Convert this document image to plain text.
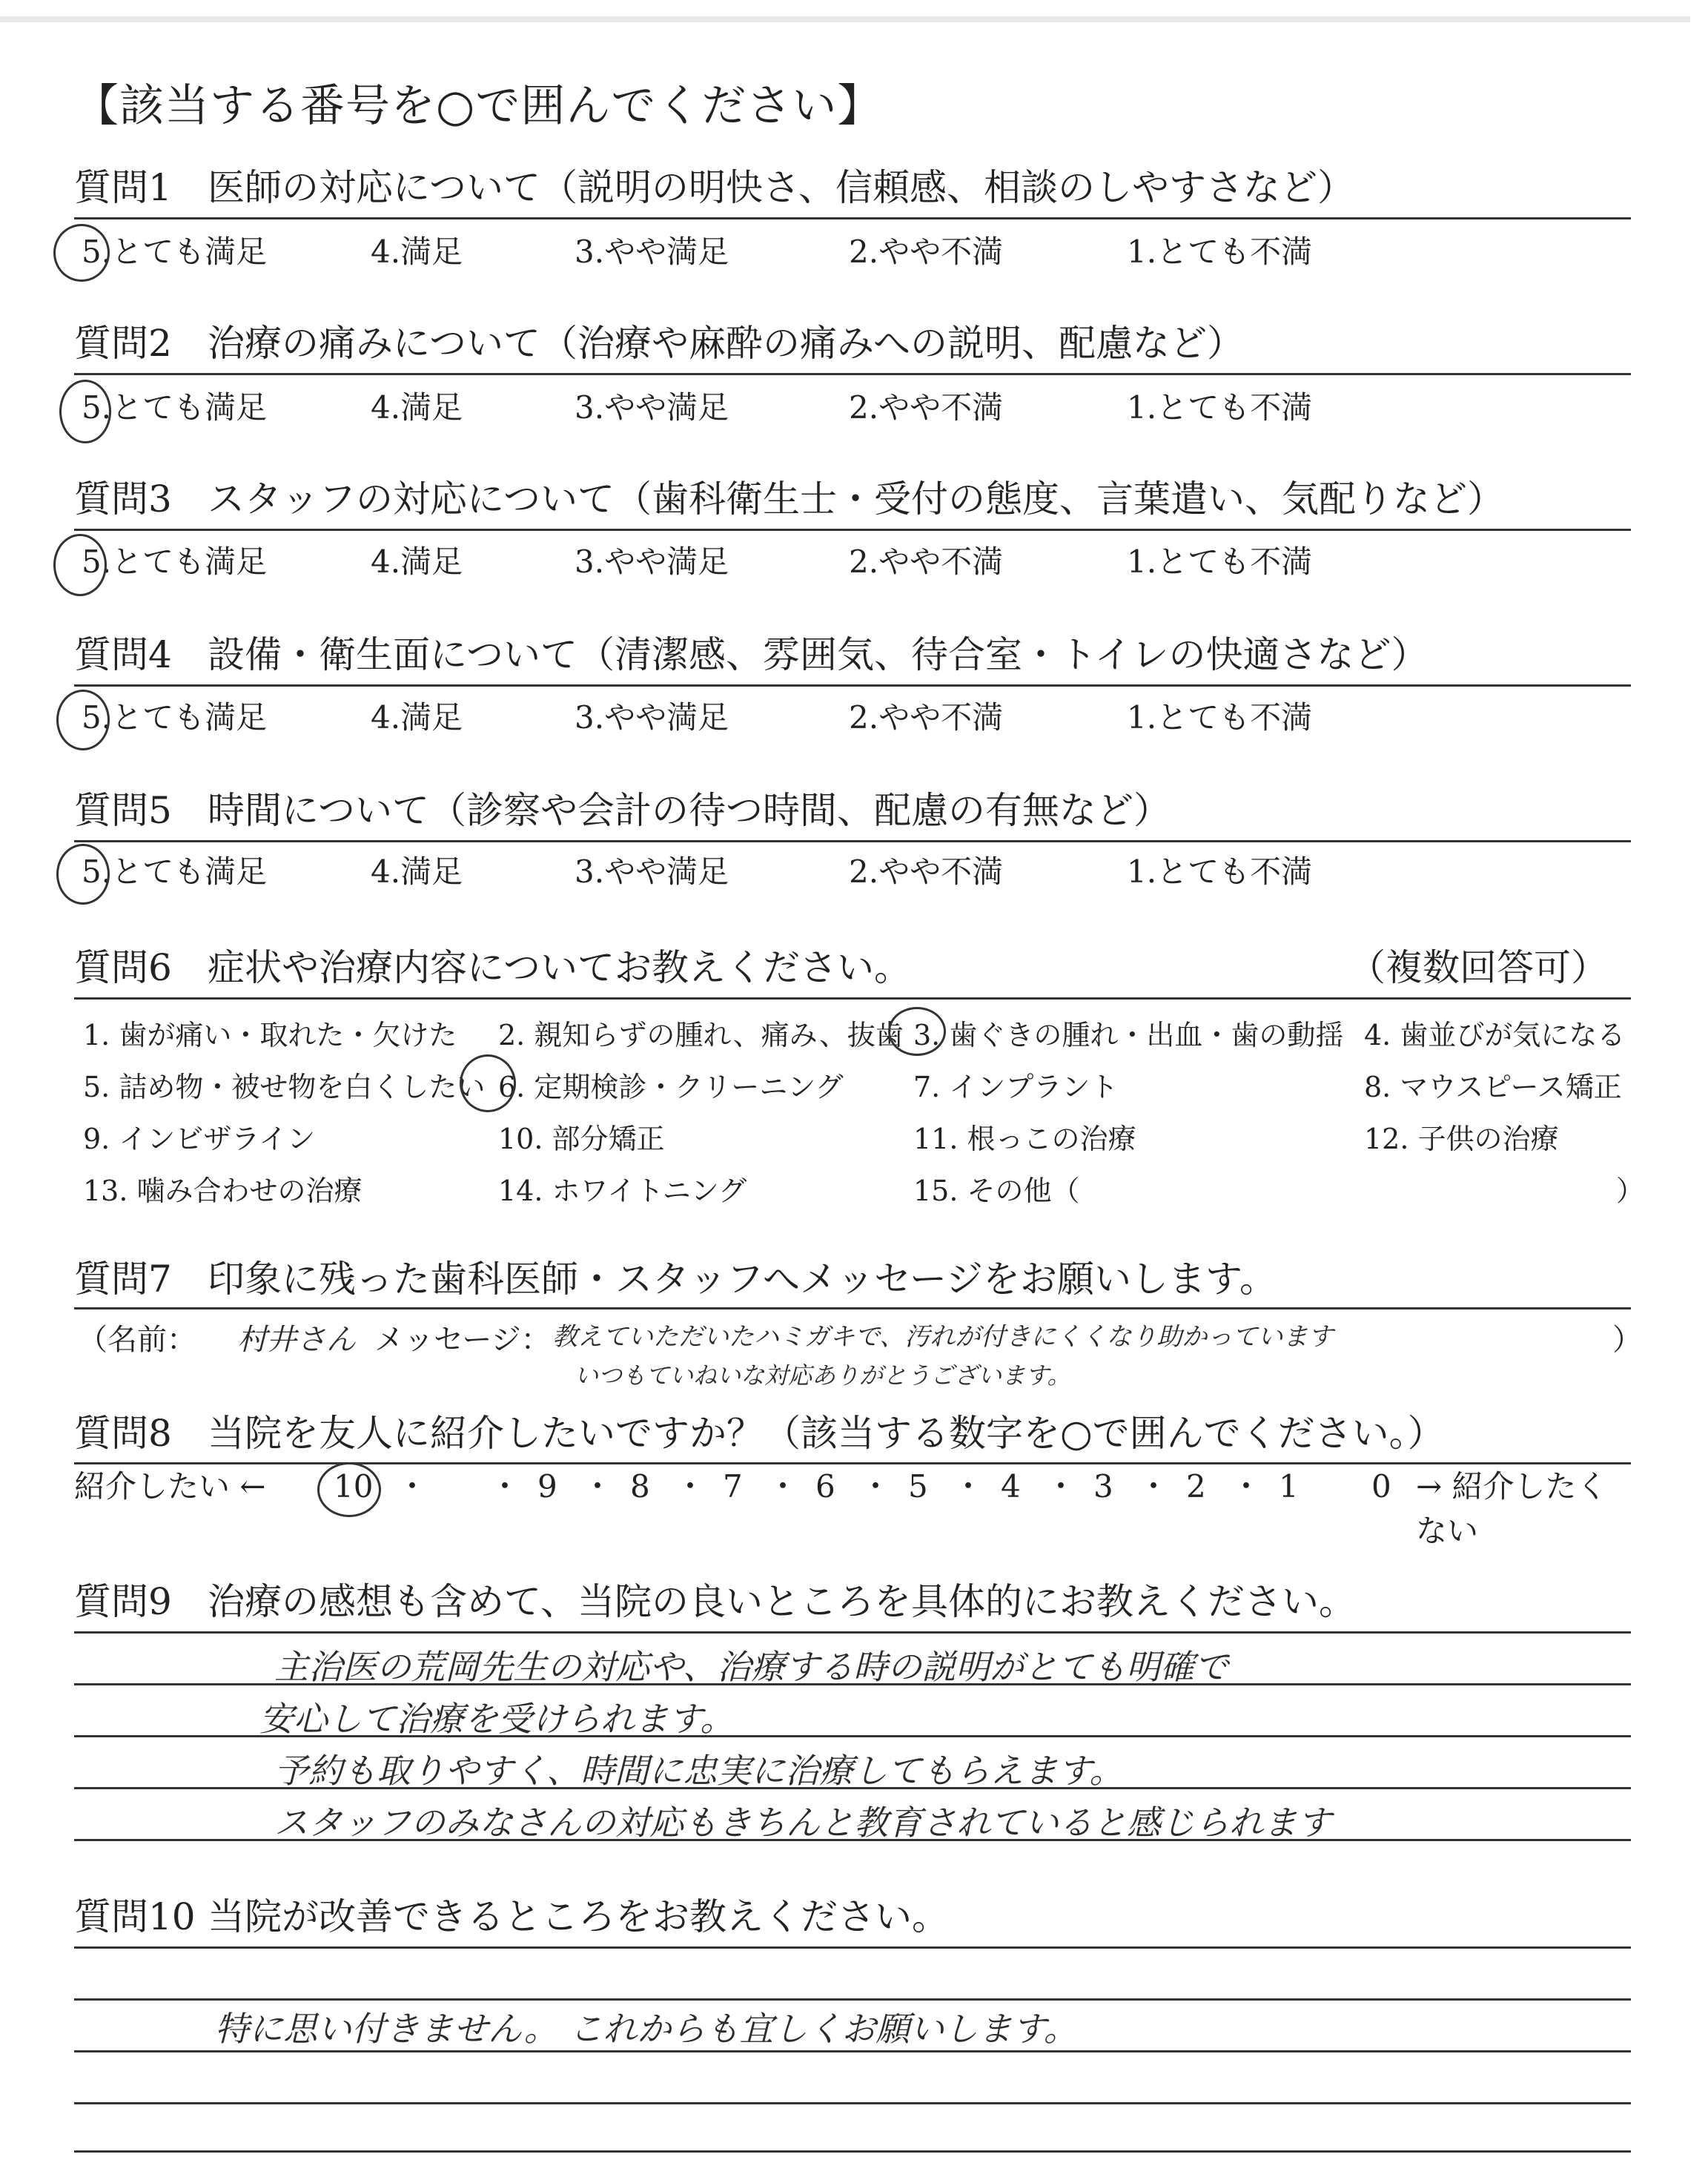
【該当する番号を○で囲んでください】
質問1 医師の対応について（説明の明快さ、信頼感、相談のしやすさなど）
5.とても満足	4.満足	3.やや満足	2.やや不満	1.とても不満
質問2 治療の痛みについて（治療や麻酔の痛みへの説明、配慮など）
5.とても満足	4.満足	3.やや満足	2.やや不満	1.とても不満
質問3 スタッフの対応について（歯科衛生士・受付の態度、言葉遣い、気配りなど）
5.とても満足	4.満足	3.やや満足	2.やや不満	1.とても不満
質問4 設備・衛生面について（清潔感、雰囲気、待合室・トイレの快適さなど）
5.とても満足	4.満足	3.やや満足	2.やや不満	1.とても不満
質問5 時間について（診察や会計の待つ時間、配慮の有無など）
5.とても満足	4.満足	3.やや満足	2.やや不満	1.とても不満
質問6 症状や治療内容についてお教えください。	（複数回答可）
1. 歯が痛い・取れた・欠けた 2. 親知らずの腫れ、痛み、抜歯 3. 歯ぐきの腫れ・出血・歯の動揺 4. 歯並びが気になる
5. 詰め物・被せ物を白くしたい 6. 定期検診・クリーニング 7. インプラント	8. マウスピース矯正
9. インビザライン	10. 部分矯正	11. 根っこの治療	12. 子供の治療
13. 噛み合わせの治療	14. ホワイトニング	15. その他（	）
質問7 印象に残った歯科医師・スタッフへメッセージをお願いします。
（名前： 村井さん メッセージ： 教えていただいたハミガキで、汚れが付きにくくなり助かっています	）
いつもていねいな対応ありがとうございます。
質問8 当院を友人に紹介したいですか？（該当する数字を○で囲んでください。）
紹介したい ← 10 ・	9
・	8
・	7
・	6
・	5
・	4
・	3
・	2
・	1
・	0 → 紹介したくない
質問9 治療の感想も含めて、当院の良いところを具体的にお教えください。
主治医の荒岡先生の対応や、治療する時の説明がとても明確で
安心して治療を受けられます。
予約も取りやすく、時間に忠実に治療してもらえます。
スタッフのみなさんの対応もきちんと教育されていると感じられます
質問10 当院が改善できるところをお教えください。
特に思い付きません。 これからも宜しくお願いします。
